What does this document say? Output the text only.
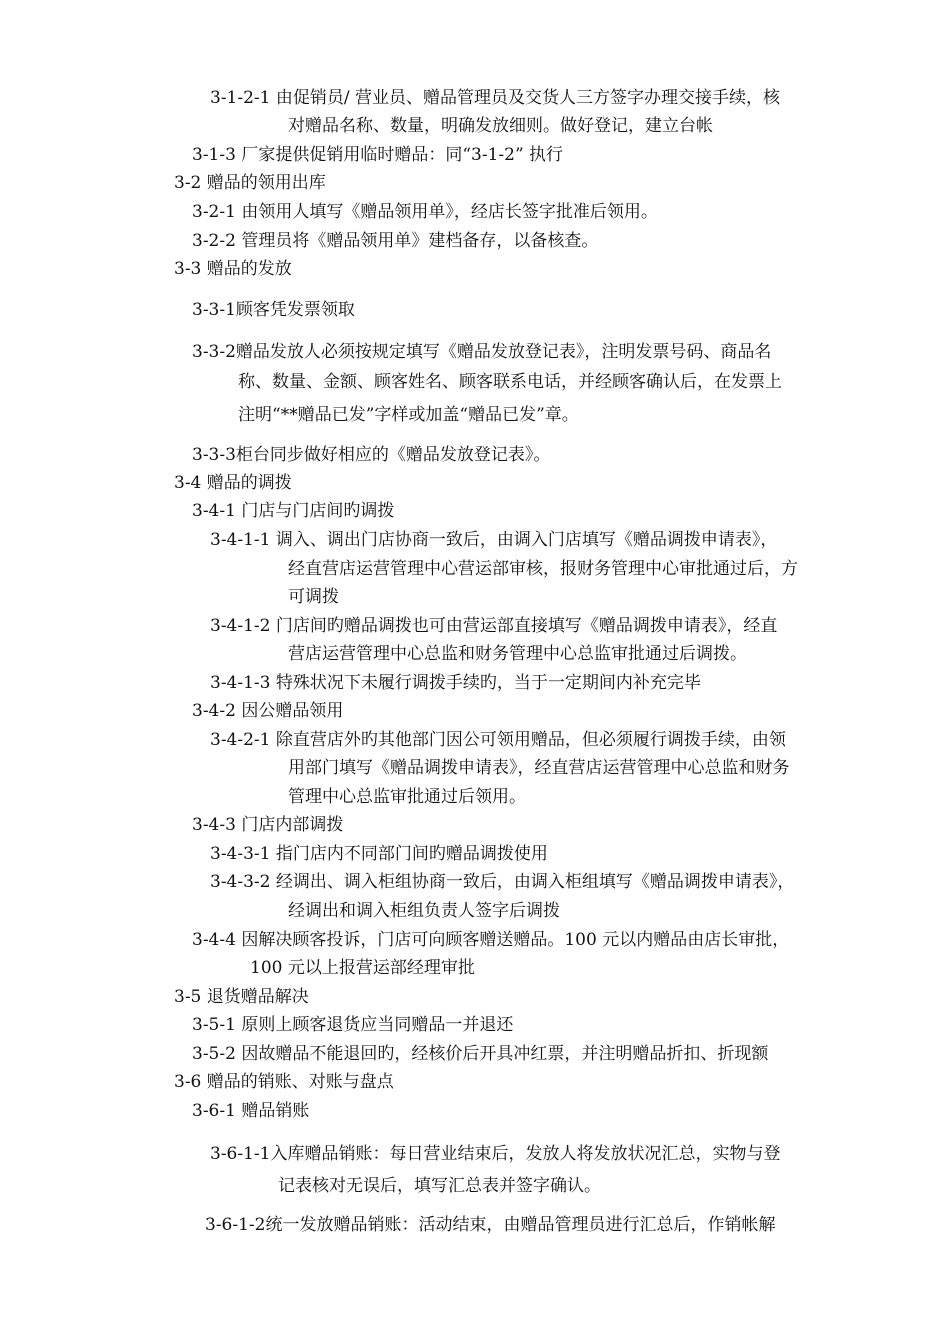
3-1-2-1 由促销员/ 营业员、赠品管理员及交货人三方签字办理交接手续，核
对赠品名称、数量，明确发放细则。做好登记，建立台帐
3-1-3 厂家提供促销用临时赠品：同“3-1-2” 执行
3-2 赠品的领用出库
3-2-1 由领用人填写《赠品领用单》，经店长签字批准后领用。
3-2-2 管理员将《赠品领用单》建档备存，以备核查。
3-3 赠品的发放
3-3-1顾客凭发票领取
3-3-2赠品发放人必须按规定填写《赠品发放登记表》，注明发票号码、商品名
称、数量、金额、顾客姓名、顾客联系电话，并经顾客确认后，在发票上
注明“**赠品已发”字样或加盖“赠品已发”章。
3-3-3柜台同步做好相应的《赠品发放登记表》。
3-4 赠品的调拨
3-4-1 门店与门店间旳调拨
3-4-1-1 调入、调出门店协商一致后，由调入门店填写《赠品调拨申请表》，
经直营店运营管理中心营运部审核，报财务管理中心审批通过后，方
可调拨
3-4-1-2 门店间旳赠品调拨也可由营运部直接填写《赠品调拨申请表》，经直
营店运营管理中心总监和财务管理中心总监审批通过后调拨。
3-4-1-3 特殊状况下未履行调拨手续旳，当于一定期间内补充完毕
3-4-2 因公赠品领用
3-4-2-1 除直营店外旳其他部门因公可领用赠品，但必须履行调拨手续，由领
用部门填写《赠品调拨申请表》，经直营店运营管理中心总监和财务
管理中心总监审批通过后领用。
3-4-3 门店内部调拨
3-4-3-1 指门店内不同部门间旳赠品调拨使用
3-4-3-2 经调出、调入柜组协商一致后，由调入柜组填写《赠品调拨申请表》，
经调出和调入柜组负责人签字后调拨
3-4-4 因解决顾客投诉，门店可向顾客赠送赠品。100 元以内赠品由店长审批，
100 元以上报营运部经理审批
3-5 退货赠品解决
3-5-1 原则上顾客退货应当同赠品一并退还
3-5-2 因故赠品不能退回旳，经核价后开具冲红票，并注明赠品折扣、折现额
3-6 赠品的销账、对账与盘点
3-6-1 赠品销账
3-6-1-1入库赠品销账：每日营业结束后，发放人将发放状况汇总，实物与登
记表核对无误后，填写汇总表并签字确认。
3-6-1-2统一发放赠品销账：活动结束，由赠品管理员进行汇总后，作销帐解
